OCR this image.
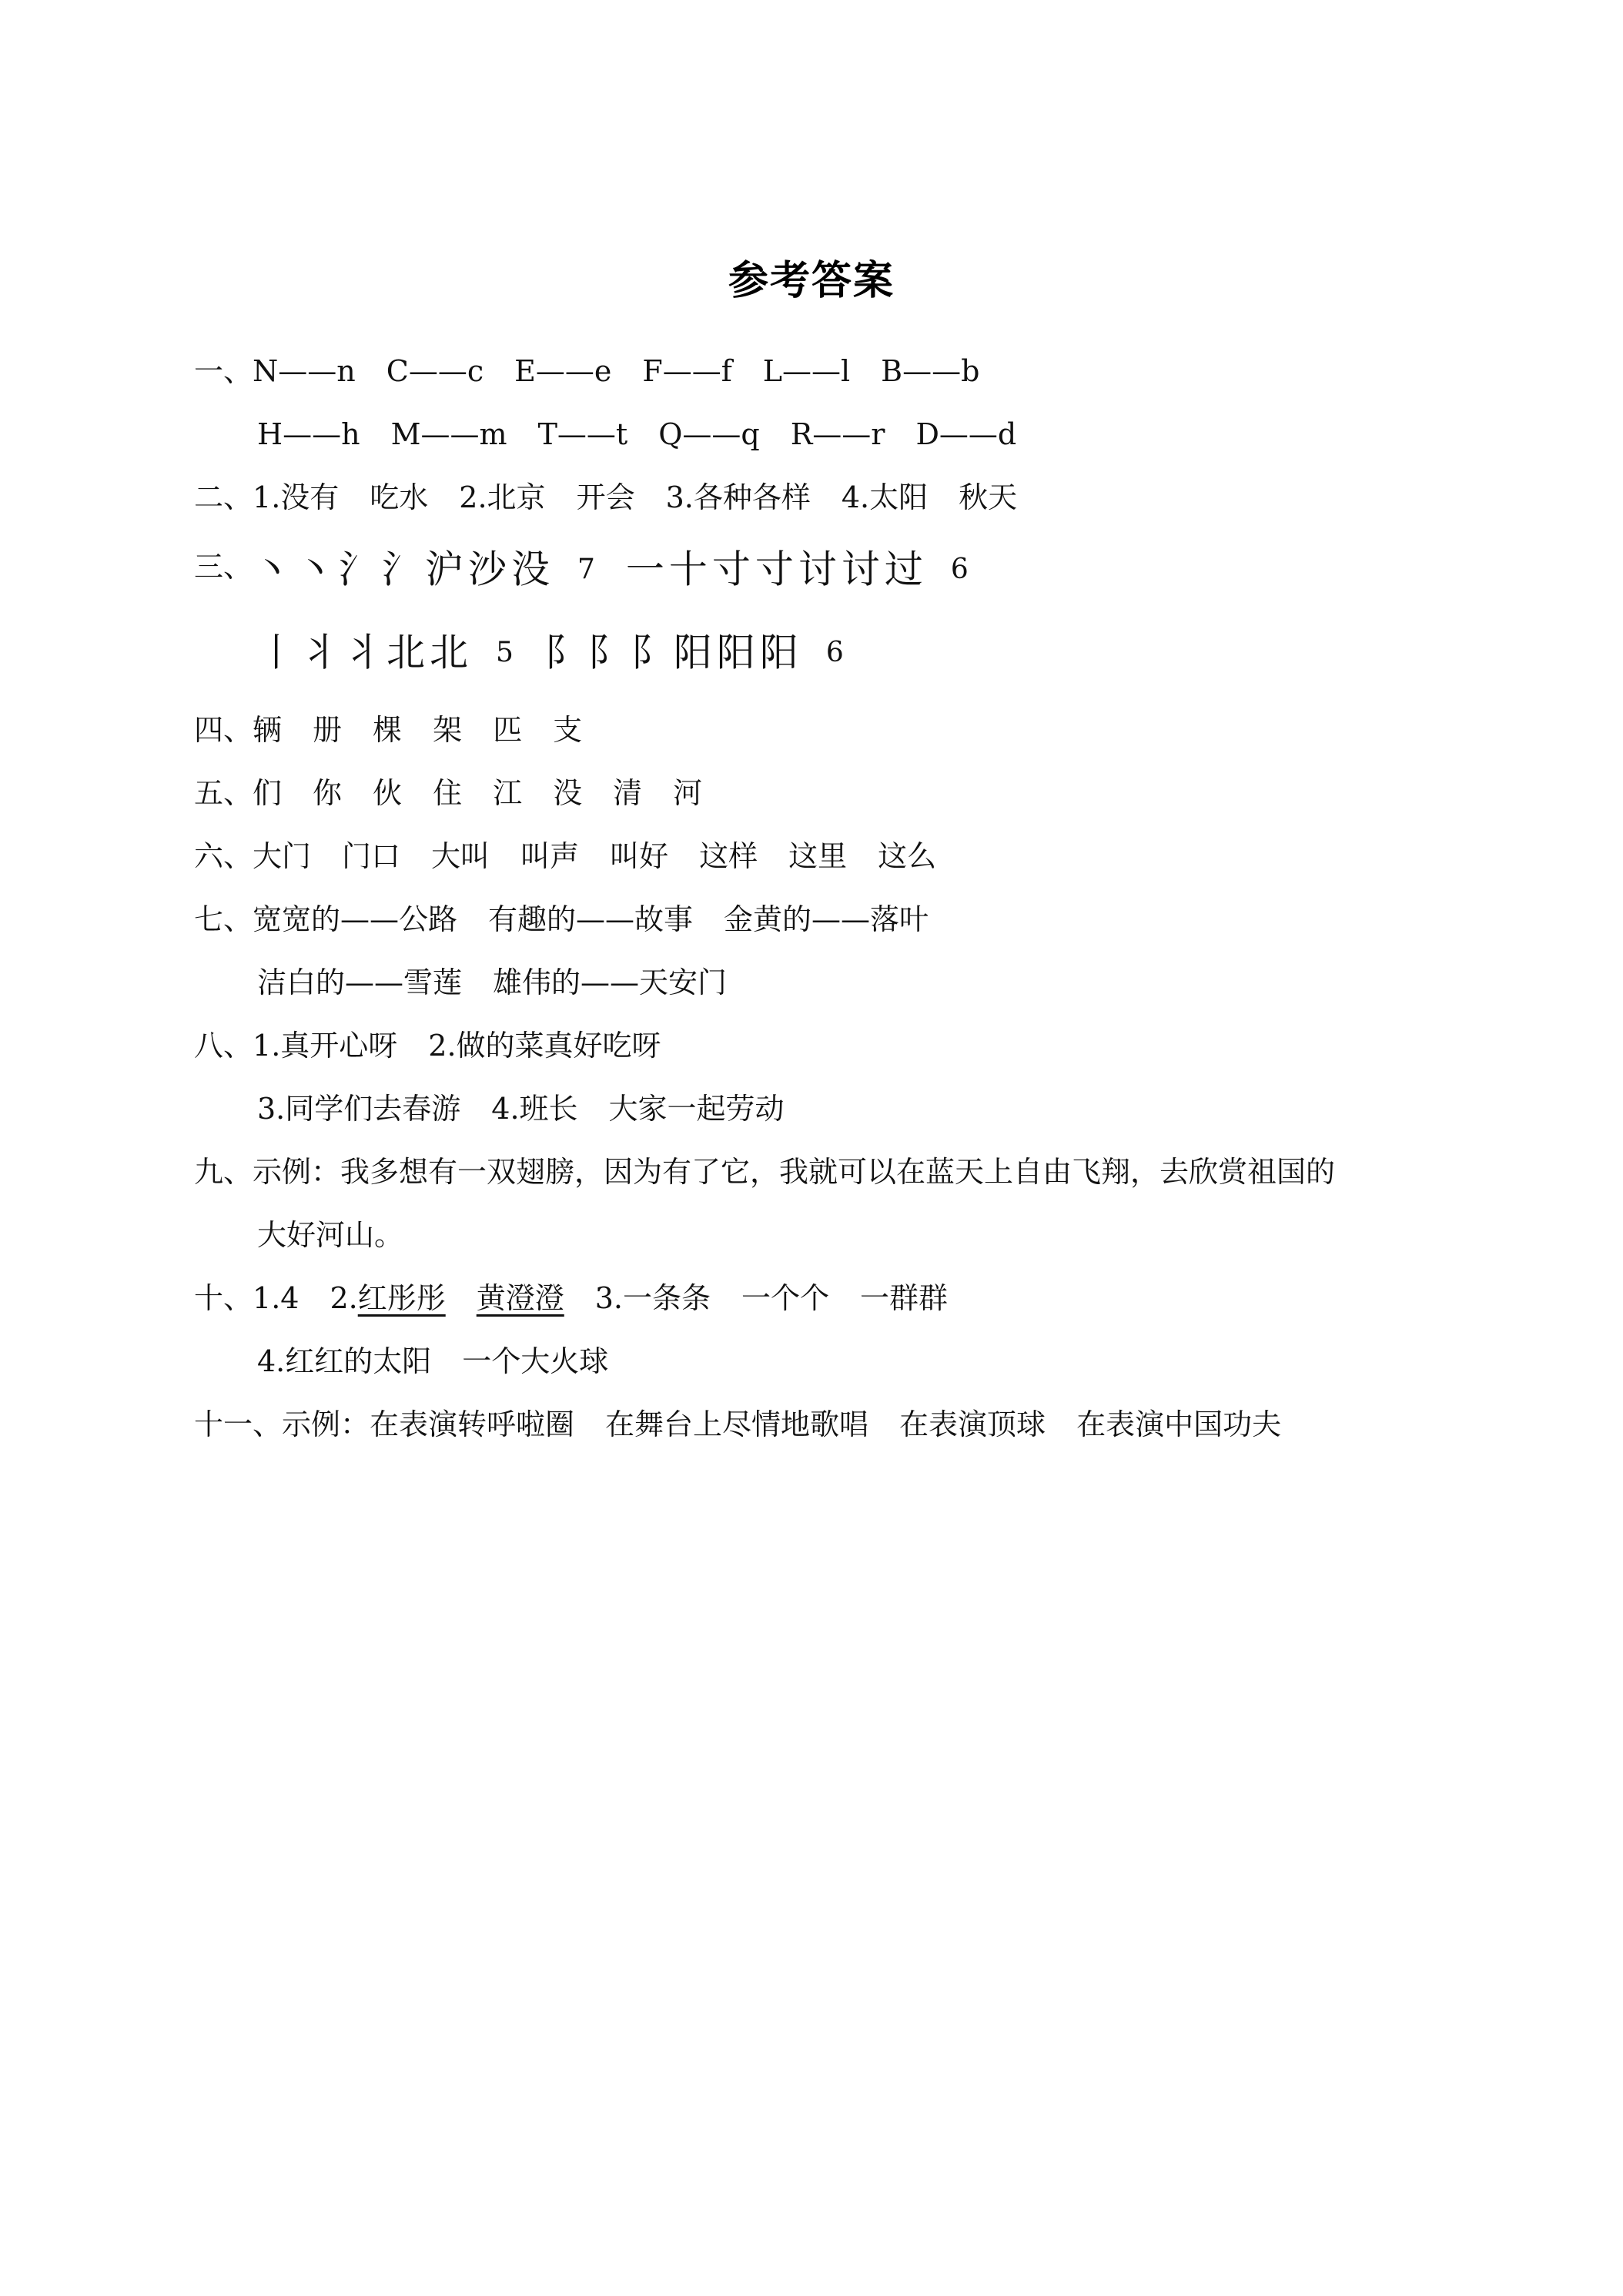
参考答案
一、N——n C——c E——e F——f L——l B——b
H——h M——m T——t Q——q R——r D——d
二、1.没有 吃水 2.北京 开会 3.各种各样 4.太阳 秋天
三、丶丶氵氵沪沙没 7 一十寸寸讨讨过 6
丨丬丬北北 5 阝阝阝阳阳阳 6
四、辆 册 棵 架 匹 支
五、们 你 伙 住 江 没 清 河
六、大门 门口 大叫 叫声 叫好 这样 这里 这么
七、宽宽的——公路 有趣的——故事 金黄的——落叶
洁白的——雪莲 雄伟的——天安门
八、1.真开心呀 2.做的菜真好吃呀
3.同学们去春游 4.班长 大家一起劳动
九、示例：我多想有一双翅膀，因为有了它，我就可以在蓝天上自由飞翔，去欣赏祖国的
大好河山。
十、1.4 2.红彤彤 黄澄澄 3.一条条 一个个 一群群
4.红红的太阳 一个大火球
十一、示例：在表演转呼啦圈 在舞台上尽情地歌唱 在表演顶球 在表演中国功夫
